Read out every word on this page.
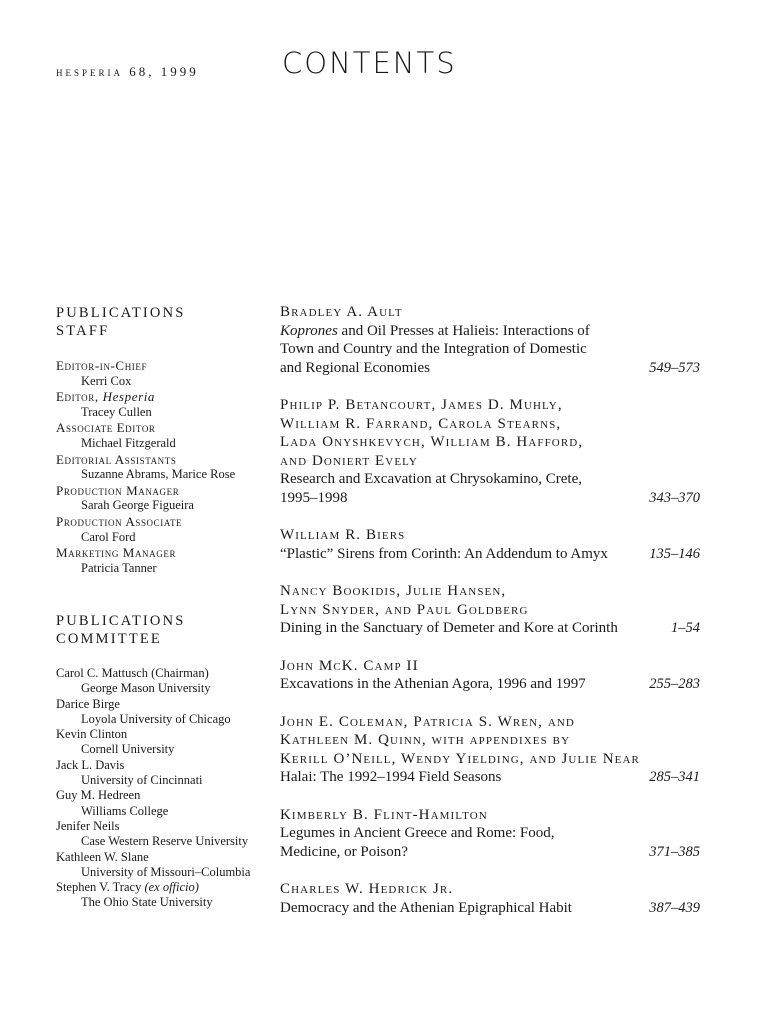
hesperia 68, 1999	CONTENTS
PUBLICATIONS
STAFF
Editor-in-Chief
Kerri Cox
Editor, Hesperia
Tracey Cullen
Associate Editor
Michael Fitzgerald
Editorial Assistants
Suzanne Abrams, Marice Rose
Production Manager
Sarah George Figueira
Production Associate
Carol Ford
Marketing Manager
Patricia Tanner
PUBLICATIONS
COMMITTEE
Carol C. Mattusch (Chairman)
George Mason University
Darice Birge
Loyola University of Chicago
Kevin Clinton
Cornell University
Jack L. Davis
University of Cincinnati
Guy M. Hedreen
Williams College
Jenifer Neils
Case Western Reserve University
Kathleen W. Slane
University of Missouri–Columbia
Stephen V. Tracy (ex officio)
The Ohio State University
Bradley A. Ault
Koprones and Oil Presses at Halieis: Interactions of
Town and Country and the Integration of Domestic
and Regional Economies	549–573
Philip P. Betancourt, James D. Muhly,
William R. Farrand, Carola Stearns,
Lada Onyshkevych, William B. Hafford,
and Doniert Evely
Research and Excavation at Chrysokamino, Crete,
1995–1998	343–370
William R. Biers
“Plastic” Sirens from Corinth: An Addendum to Amyx	135–146
Nancy Bookidis, Julie Hansen,
Lynn Snyder, and Paul Goldberg
Dining in the Sanctuary of Demeter and Kore at Corinth	1–54
John McK. Camp II
Excavations in the Athenian Agora, 1996 and 1997	255–283
John E. Coleman, Patricia S. Wren, and
Kathleen M. Quinn, with appendixes by
Kerill O’Neill, Wendy Yielding, and Julie Near
Halai: The 1992–1994 Field Seasons	285–341
Kimberly B. Flint-Hamilton
Legumes in Ancient Greece and Rome: Food,
Medicine, or Poison?	371–385
Charles W. Hedrick Jr.
Democracy and the Athenian Epigraphical Habit	387–439
